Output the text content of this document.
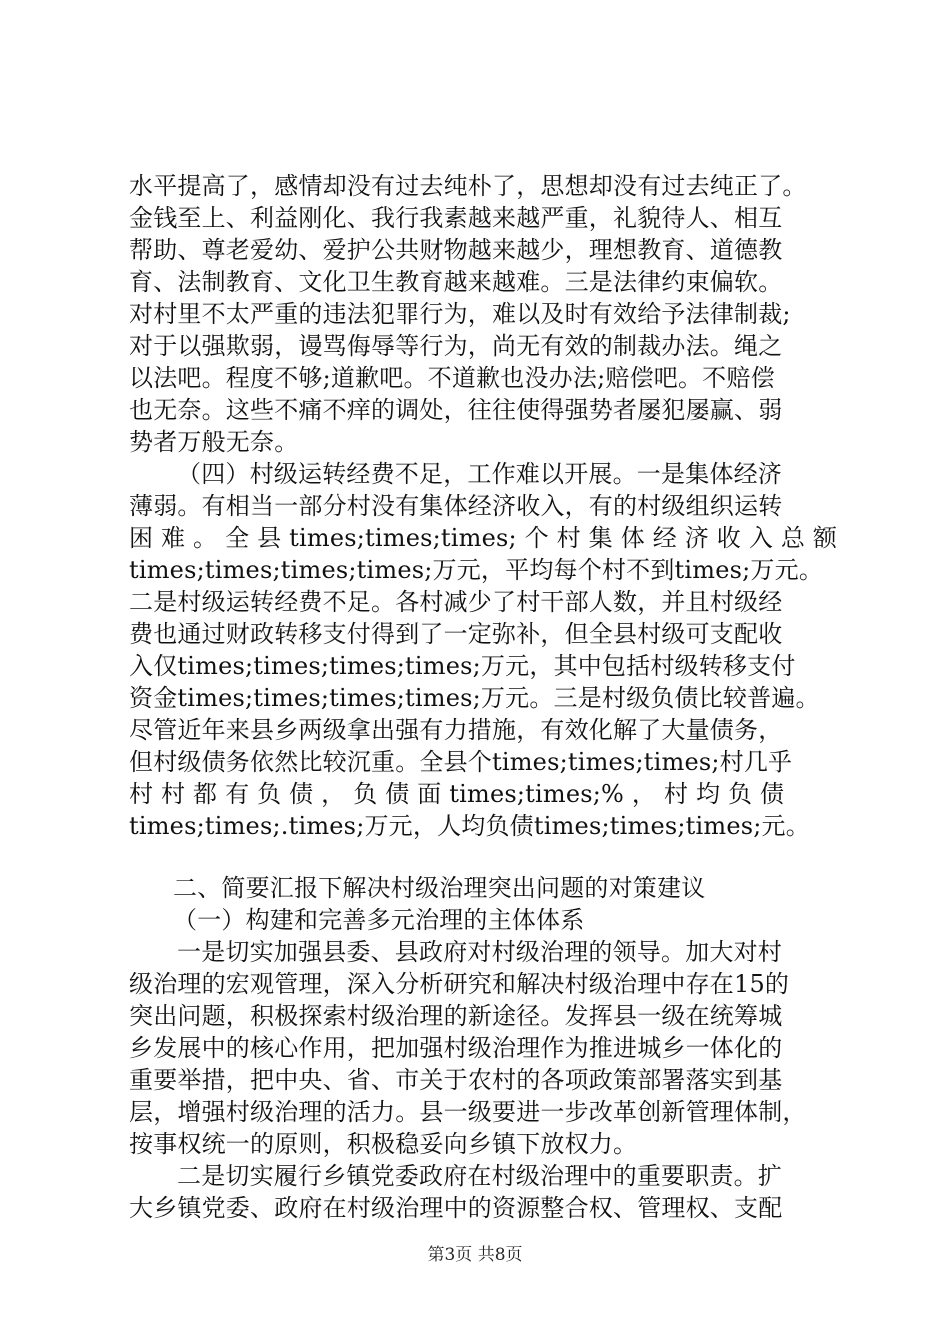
水平提高了，感情却没有过去纯朴了，思想却没有过去纯正了。
金钱至上、利益刚化、我行我素越来越严重，礼貌待人、相互
帮助、尊老爱幼、爱护公共财物越来越少，理想教育、道德教
育、法制教育、文化卫生教育越来越难。三是法律约束偏软。
对村里不太严重的违法犯罪行为，难以及时有效给予法律制裁;
对于以强欺弱，谩骂侮辱等行为，尚无有效的制裁办法。绳之
以法吧。程度不够;道歉吧。不道歉也没办法;赔偿吧。不赔偿
也无奈。这些不痛不痒的调处，往往使得强势者屡犯屡赢、弱
势者万般无奈。
（四）村级运转经费不足，工作难以开展。一是集体经济
薄弱。有相当一部分村没有集体经济收入，有的村级组织运转
困 难 。 全 县 times;times;times; 个 村 集 体 经 济 收 入 总 额
times;times;times;times;万元，平均每个村不到times;万元。
二是村级运转经费不足。各村减少了村干部人数，并且村级经
费也通过财政转移支付得到了一定弥补，但全县村级可支配收
入仅times;times;times;times;万元，其中包括村级转移支付
资金times;times;times;times;万元。三是村级负债比较普遍。
尽管近年来县乡两级拿出强有力措施，有效化解了大量债务，
但村级债务依然比较沉重。全县个times;times;times;村几乎
村 村 都 有 负 债 ， 负 债 面 times;times;% ， 村 均 负 债
times;times;.times;万元，人均负债times;times;times;元。
二、简要汇报下解决村级治理突出问题的对策建议
（一）构建和完善多元治理的主体体系
一是切实加强县委、县政府对村级治理的领导。加大对村
级治理的宏观管理，深入分析研究和解决村级治理中存在15的
突出问题，积极探索村级治理的新途径。发挥县一级在统筹城
乡发展中的核心作用，把加强村级治理作为推进城乡一体化的
重要举措，把中央、省、市关于农村的各项政策部署落实到基
层，增强村级治理的活力。县一级要进一步改革创新管理体制，
按事权统一的原则，积极稳妥向乡镇下放权力。
二是切实履行乡镇党委政府在村级治理中的重要职责。扩
大乡镇党委、政府在村级治理中的资源整合权、管理权、支配
第3页 共8页
